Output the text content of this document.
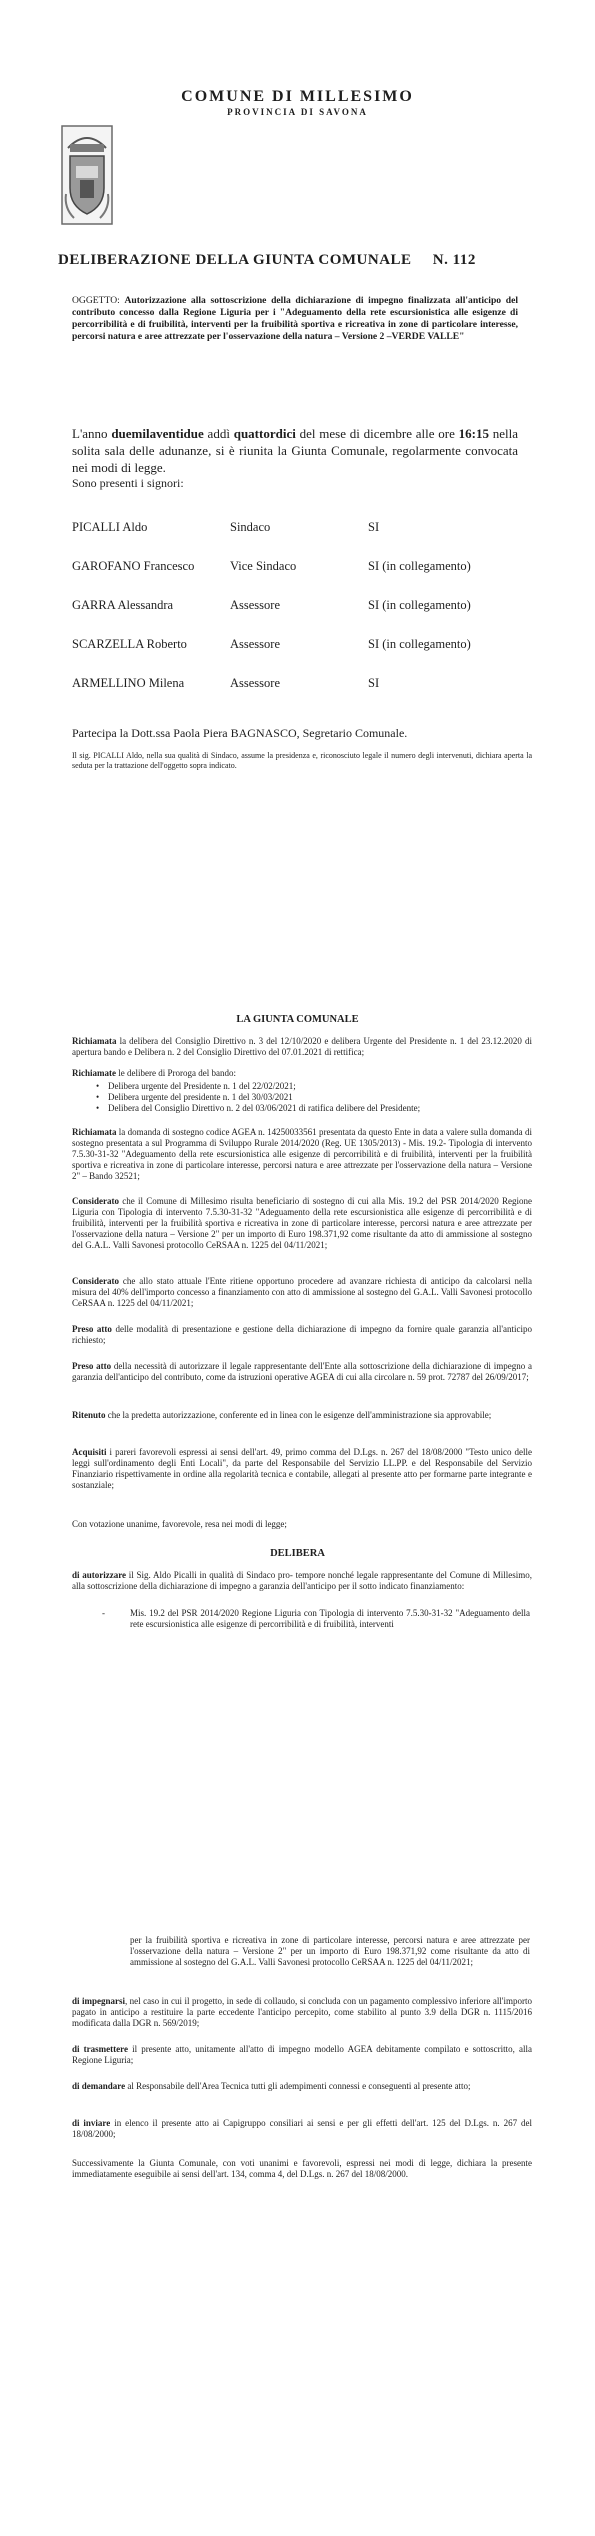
COMUNE DI MILLESIMO
PROVINCIA DI SAVONA
DELIBERAZIONE DELLA GIUNTA COMUNALE N. 112
OGGETTO: Autorizzazione alla sottoscrizione della dichiarazione di impegno finalizzata all'anticipo del contributo concesso dalla Regione Liguria per i "Adeguamento della rete escursionistica alle esigenze di percorribilità e di fruibilità, interventi per la fruibilità sportiva e ricreativa in zone di particolare interesse, percorsi natura e aree attrezzate per l'osservazione della natura – Versione 2 –VERDE VALLE"
L'anno duemilaventidue addì quattordici del mese di dicembre alle ore 16:15 nella solita sala delle adunanze, si è riunita la Giunta Comunale, regolarmente convocata nei modi di legge.
Sono presenti i signori:
PICALLI Aldo	Sindaco	SI
GAROFANO Francesco	Vice Sindaco	SI (in collegamento)
GARRA Alessandra	Assessore	SI (in collegamento)
SCARZELLA Roberto	Assessore	SI (in collegamento)
ARMELLINO Milena	Assessore	SI
Partecipa la Dott.ssa Paola Piera BAGNASCO, Segretario Comunale.
Il sig. PICALLI Aldo, nella sua qualità di Sindaco, assume la presidenza e, riconosciuto legale il numero degli intervenuti, dichiara aperta la seduta per la trattazione dell'oggetto sopra indicato.
LA GIUNTA COMUNALE
Richiamata la delibera del Consiglio Direttivo n. 3 del 12/10/2020 e delibera Urgente del Presidente n. 1 del 23.12.2020 di apertura bando e Delibera n. 2 del Consiglio Direttivo del 07.01.2021 di rettifica;
Richiamate le delibere di Proroga del bando:
• Delibera urgente del Presidente n. 1 del 22/02/2021;
• Delibera urgente del presidente n. 1 del 30/03/2021
• Delibera del Consiglio Direttivo n. 2 del 03/06/2021 di ratifica delibere del Presidente;
Richiamata la domanda di sostegno codice AGEA n. 14250033561 presentata da questo Ente in data a valere sulla domanda di sostegno presentata a sul Programma di Sviluppo Rurale 2014/2020 (Reg. UE 1305/2013) - Mis. 19.2- Tipologia di intervento 7.5.30-31-32 "Adeguamento della rete escursionistica alle esigenze di percorribilità e di fruibilità, interventi per la fruibilità sportiva e ricreativa in zone di particolare interesse, percorsi natura e aree attrezzate per l'osservazione della natura – Versione 2" – Bando 32521;
Considerato che il Comune di Millesimo risulta beneficiario di sostegno di cui alla Mis. 19.2 del PSR 2014/2020 Regione Liguria con Tipologia di intervento 7.5.30-31-32 "Adeguamento della rete escursionistica alle esigenze di percorribilità e di fruibilità, interventi per la fruibilità sportiva e ricreativa in zone di particolare interesse, percorsi natura e aree attrezzate per l'osservazione della natura – Versione 2" per un importo di Euro 198.371,92 come risultante da atto di ammissione al sostegno del G.A.L. Valli Savonesi protocollo CeRSAA n. 1225 del 04/11/2021;
Considerato che allo stato attuale l'Ente ritiene opportuno procedere ad avanzare richiesta di anticipo da calcolarsi nella misura del 40% dell'importo concesso a finanziamento con atto di ammissione al sostegno del G.A.L. Valli Savonesi protocollo CeRSAA n. 1225 del 04/11/2021;
Preso atto delle modalità di presentazione e gestione della dichiarazione di impegno da fornire quale garanzia all'anticipo richiesto;
Preso atto della necessità di autorizzare il legale rappresentante dell'Ente alla sottoscrizione della dichiarazione di impegno a garanzia dell'anticipo del contributo, come da istruzioni operative AGEA di cui alla circolare n. 59 prot. 72787 del 26/09/2017;
Ritenuto che la predetta autorizzazione, conferente ed in linea con le esigenze dell'amministrazione sia approvabile;
Acquisiti i pareri favorevoli espressi ai sensi dell'art. 49, primo comma del D.Lgs. n. 267 del 18/08/2000 "Testo unico delle leggi sull'ordinamento degli Enti Locali", da parte del Responsabile del Servizio LL.PP. e del Responsabile del Servizio Finanziario rispettivamente in ordine alla regolarità tecnica e contabile, allegati al presente atto per formarne parte integrante e sostanziale;
Con votazione unanime, favorevole, resa nei modi di legge;
DELIBERA
di autorizzare il Sig. Aldo Picalli in qualità di Sindaco pro- tempore nonché legale rappresentante del Comune di Millesimo, alla sottoscrizione della dichiarazione di impegno a garanzia dell'anticipo per il sotto indicato finanziamento:
-	Mis. 19.2 del PSR 2014/2020 Regione Liguria con Tipologia di intervento 7.5.30-31-32 "Adeguamento della rete escursionistica alle esigenze di percorribilità e di fruibilità, interventi
per la fruibilità sportiva e ricreativa in zone di particolare interesse, percorsi natura e aree attrezzate per l'osservazione della natura – Versione 2" per un importo di Euro 198.371,92 come risultante da atto di ammissione al sostegno del G.A.L. Valli Savonesi protocollo CeRSAA n. 1225 del 04/11/2021;
di impegnarsi, nel caso in cui il progetto, in sede di collaudo, si concluda con un pagamento complessivo inferiore all'importo pagato in anticipo a restituire la parte eccedente l'anticipo percepito, come stabilito al punto 3.9 della DGR n. 1115/2016 modificata dalla DGR n. 569/2019;
di trasmettere il presente atto, unitamente all'atto di impegno modello AGEA debitamente compilato e sottoscritto, alla Regione Liguria;
di demandare al Responsabile dell'Area Tecnica tutti gli adempimenti connessi e conseguenti al presente atto;
di inviare in elenco il presente atto ai Capigruppo consiliari ai sensi e per gli effetti dell'art. 125 del D.Lgs. n. 267 del 18/08/2000;
Successivamente la Giunta Comunale, con voti unanimi e favorevoli, espressi nei modi di legge, dichiara la presente immediatamente eseguibile ai sensi dell'art. 134, comma 4, del D.Lgs. n. 267 del 18/08/2000.
